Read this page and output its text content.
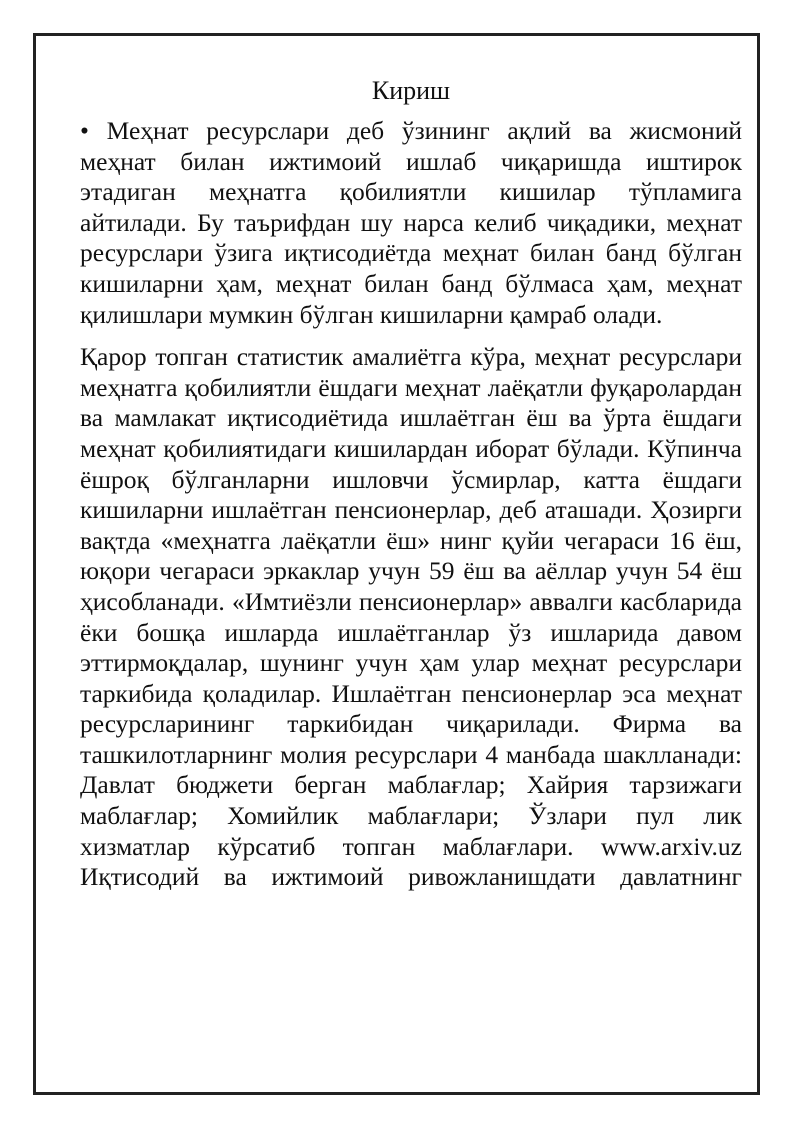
Кириш

• Меҳнат ресурслари деб ўзининг ақлий ва жисмоний меҳнат билан ижтимоий ишлаб чиқаришда иштирок этадиган меҳнатга қобилиятли кишилар тўпламига айтилади. Бу таърифдан шу нарса келиб чиқадики, меҳнат ресурслари ўзига иқтисодиётда меҳнат билан банд бўлган кишиларни ҳам, меҳнат билан банд бўлмаса ҳам, меҳнат қилишлари мумкин бўлган кишиларни қамраб олади.

Қарор топган статистик амалиётга кўра, меҳнат ресурслари меҳнатга қобилиятли ёшдаги меҳнат лаёқатли фуқаролардан ва мамлакат иқтисодиётида ишлаётган ёш ва ўрта ёшдаги меҳнат қобилиятидаги кишилардан иборат бўлади. Кўпинча ёшроқ бўлганларни ишловчи ўсмирлар, катта ёшдаги кишиларни ишлаётган пенсионерлар, деб аташади. Ҳозирги вақтда «меҳнатга лаёқатли ёш» нинг қуйи чегараси 16 ёш, юқори чегараси эркаклар учун 59 ёш ва аёллар учун 54 ёш ҳисобланади. «Имтиёзли пенсионерлар» аввалги касбларида ёки бошқа ишларда ишлаётганлар ўз ишларида давом эттирмоқдалар, шунинг учун ҳам улар меҳнат ресурслари таркибида қоладилар. Ишлаётган пенсионерлар эса меҳнат ресурсларининг таркибидан чиқарилади. Фирма ва ташкилотларнинг молия ресурслари 4 манбада шаклланади: Давлат бюджети берган маблағлар; Хайрия тарзижаги маблағлар; Хомийлик маблағлари; Ўзлари пул лик хизматлар кўрсатиб топган маблағлари. www.arxiv.uz Иқтисодий ва ижтимоий ривожланишдати давлатнинг
